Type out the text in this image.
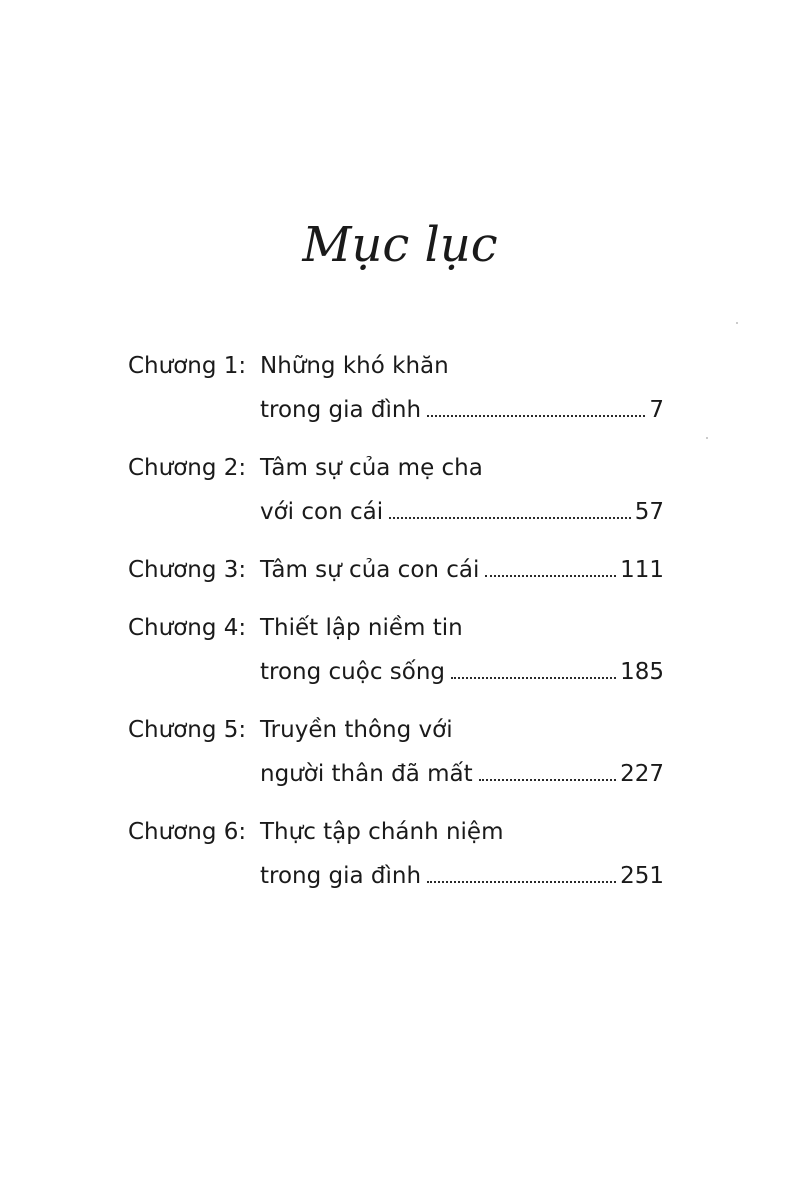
Mục lục
Chương 1: Những khó khăn
trong gia đình	7
Chương 2: Tâm sự của mẹ cha
với con cái	57
Chương 3: Tâm sự của con cái	111
Chương 4: Thiết lập niềm tin
trong cuộc sống	185
Chương 5: Truyền thông với
người thân đã mất	227
Chương 6: Thực tập chánh niệm
trong gia đình	251
